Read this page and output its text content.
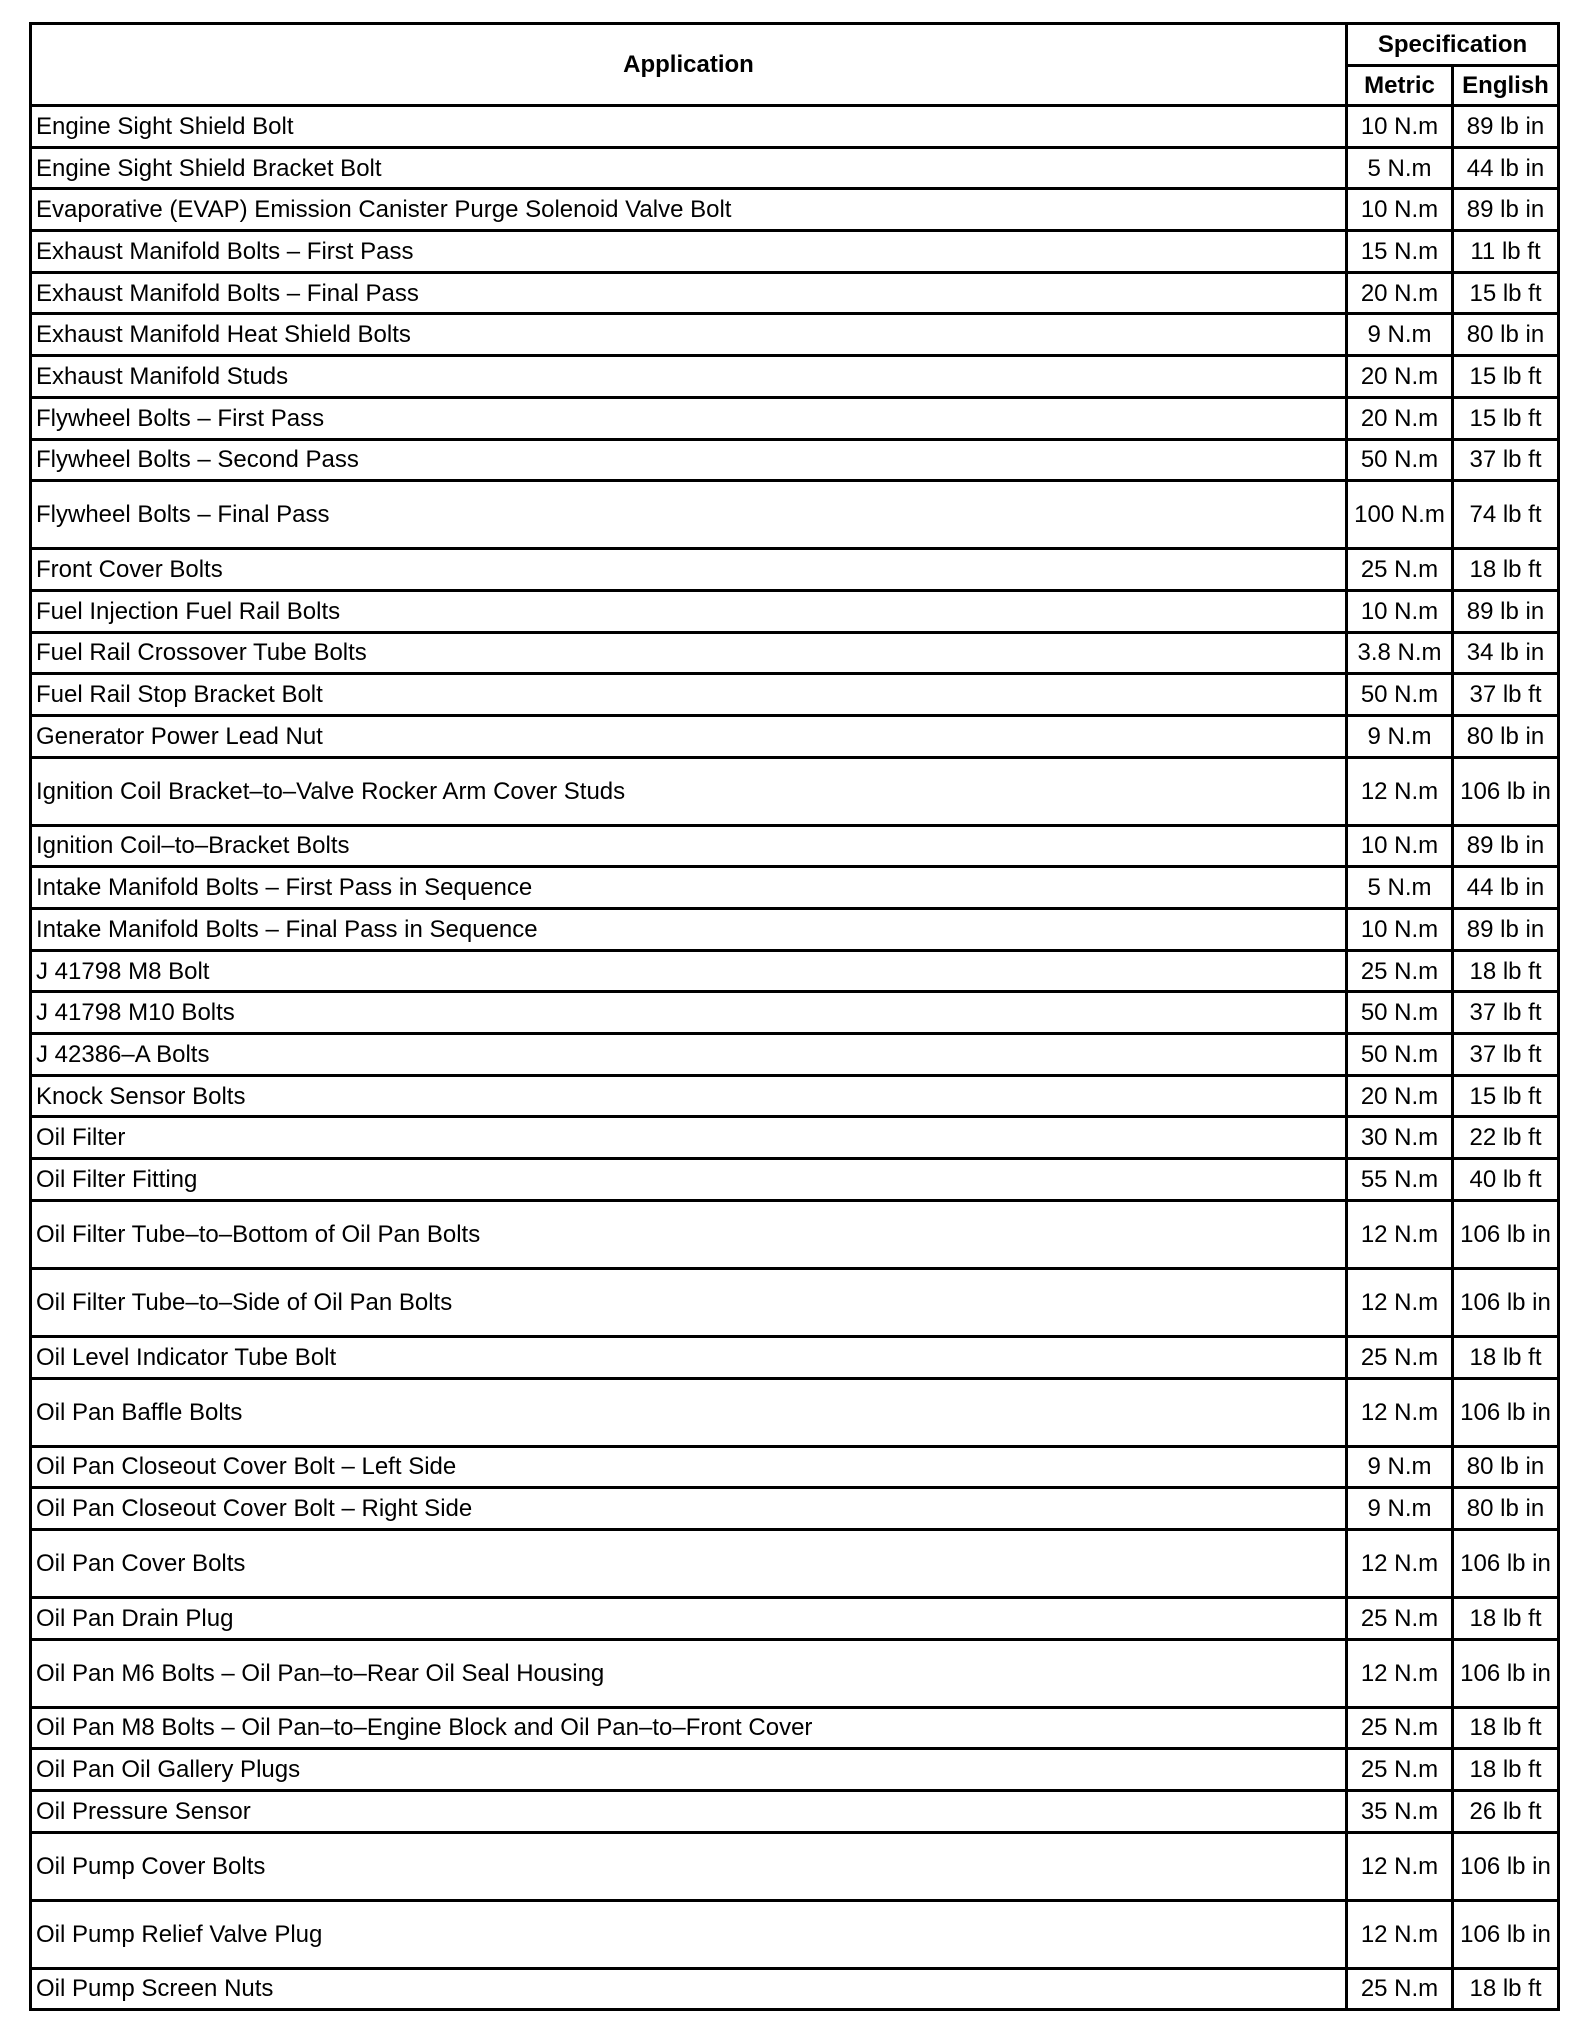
Application	Specification	
	Metric	English
Engine Sight Shield Bolt	10 N.m	89 lb in
Engine Sight Shield Bracket Bolt	5 N.m	44 lb in
Evaporative (EVAP) Emission Canister Purge Solenoid Valve Bolt	10 N.m	89 lb in
Exhaust Manifold Bolts – First Pass	15 N.m	11 lb ft
Exhaust Manifold Bolts – Final Pass	20 N.m	15 lb ft
Exhaust Manifold Heat Shield Bolts	9 N.m	80 lb in
Exhaust Manifold Studs	20 N.m	15 lb ft
Flywheel Bolts – First Pass	20 N.m	15 lb ft
Flywheel Bolts – Second Pass	50 N.m	37 lb ft
Flywheel Bolts – Final Pass	100 N.m	74 lb ft
Front Cover Bolts	25 N.m	18 lb ft
Fuel Injection Fuel Rail Bolts	10 N.m	89 lb in
Fuel Rail Crossover Tube Bolts	3.8 N.m	34 lb in
Fuel Rail Stop Bracket Bolt	50 N.m	37 lb ft
Generator Power Lead Nut	9 N.m	80 lb in
Ignition Coil Bracket–to–Valve Rocker Arm Cover Studs	12 N.m	106 lb in
Ignition Coil–to–Bracket Bolts	10 N.m	89 lb in
Intake Manifold Bolts – First Pass in Sequence	5 N.m	44 lb in
Intake Manifold Bolts – Final Pass in Sequence	10 N.m	89 lb in
J 41798 M8 Bolt	25 N.m	18 lb ft
J 41798 M10 Bolts	50 N.m	37 lb ft
J 42386–A Bolts	50 N.m	37 lb ft
Knock Sensor Bolts	20 N.m	15 lb ft
Oil Filter	30 N.m	22 lb ft
Oil Filter Fitting	55 N.m	40 lb ft
Oil Filter Tube–to–Bottom of Oil Pan Bolts	12 N.m	106 lb in
Oil Filter Tube–to–Side of Oil Pan Bolts	12 N.m	106 lb in
Oil Level Indicator Tube Bolt	25 N.m	18 lb ft
Oil Pan Baffle Bolts	12 N.m	106 lb in
Oil Pan Closeout Cover Bolt – Left Side	9 N.m	80 lb in
Oil Pan Closeout Cover Bolt – Right Side	9 N.m	80 lb in
Oil Pan Cover Bolts	12 N.m	106 lb in
Oil Pan Drain Plug	25 N.m	18 lb ft
Oil Pan M6 Bolts – Oil Pan–to–Rear Oil Seal Housing	12 N.m	106 lb in
Oil Pan M8 Bolts – Oil Pan–to–Engine Block and Oil Pan–to–Front Cover	25 N.m	18 lb ft
Oil Pan Oil Gallery Plugs	25 N.m	18 lb ft
Oil Pressure Sensor	35 N.m	26 lb ft
Oil Pump Cover Bolts	12 N.m	106 lb in
Oil Pump Relief Valve Plug	12 N.m	106 lb in
Oil Pump Screen Nuts	25 N.m	18 lb ft
